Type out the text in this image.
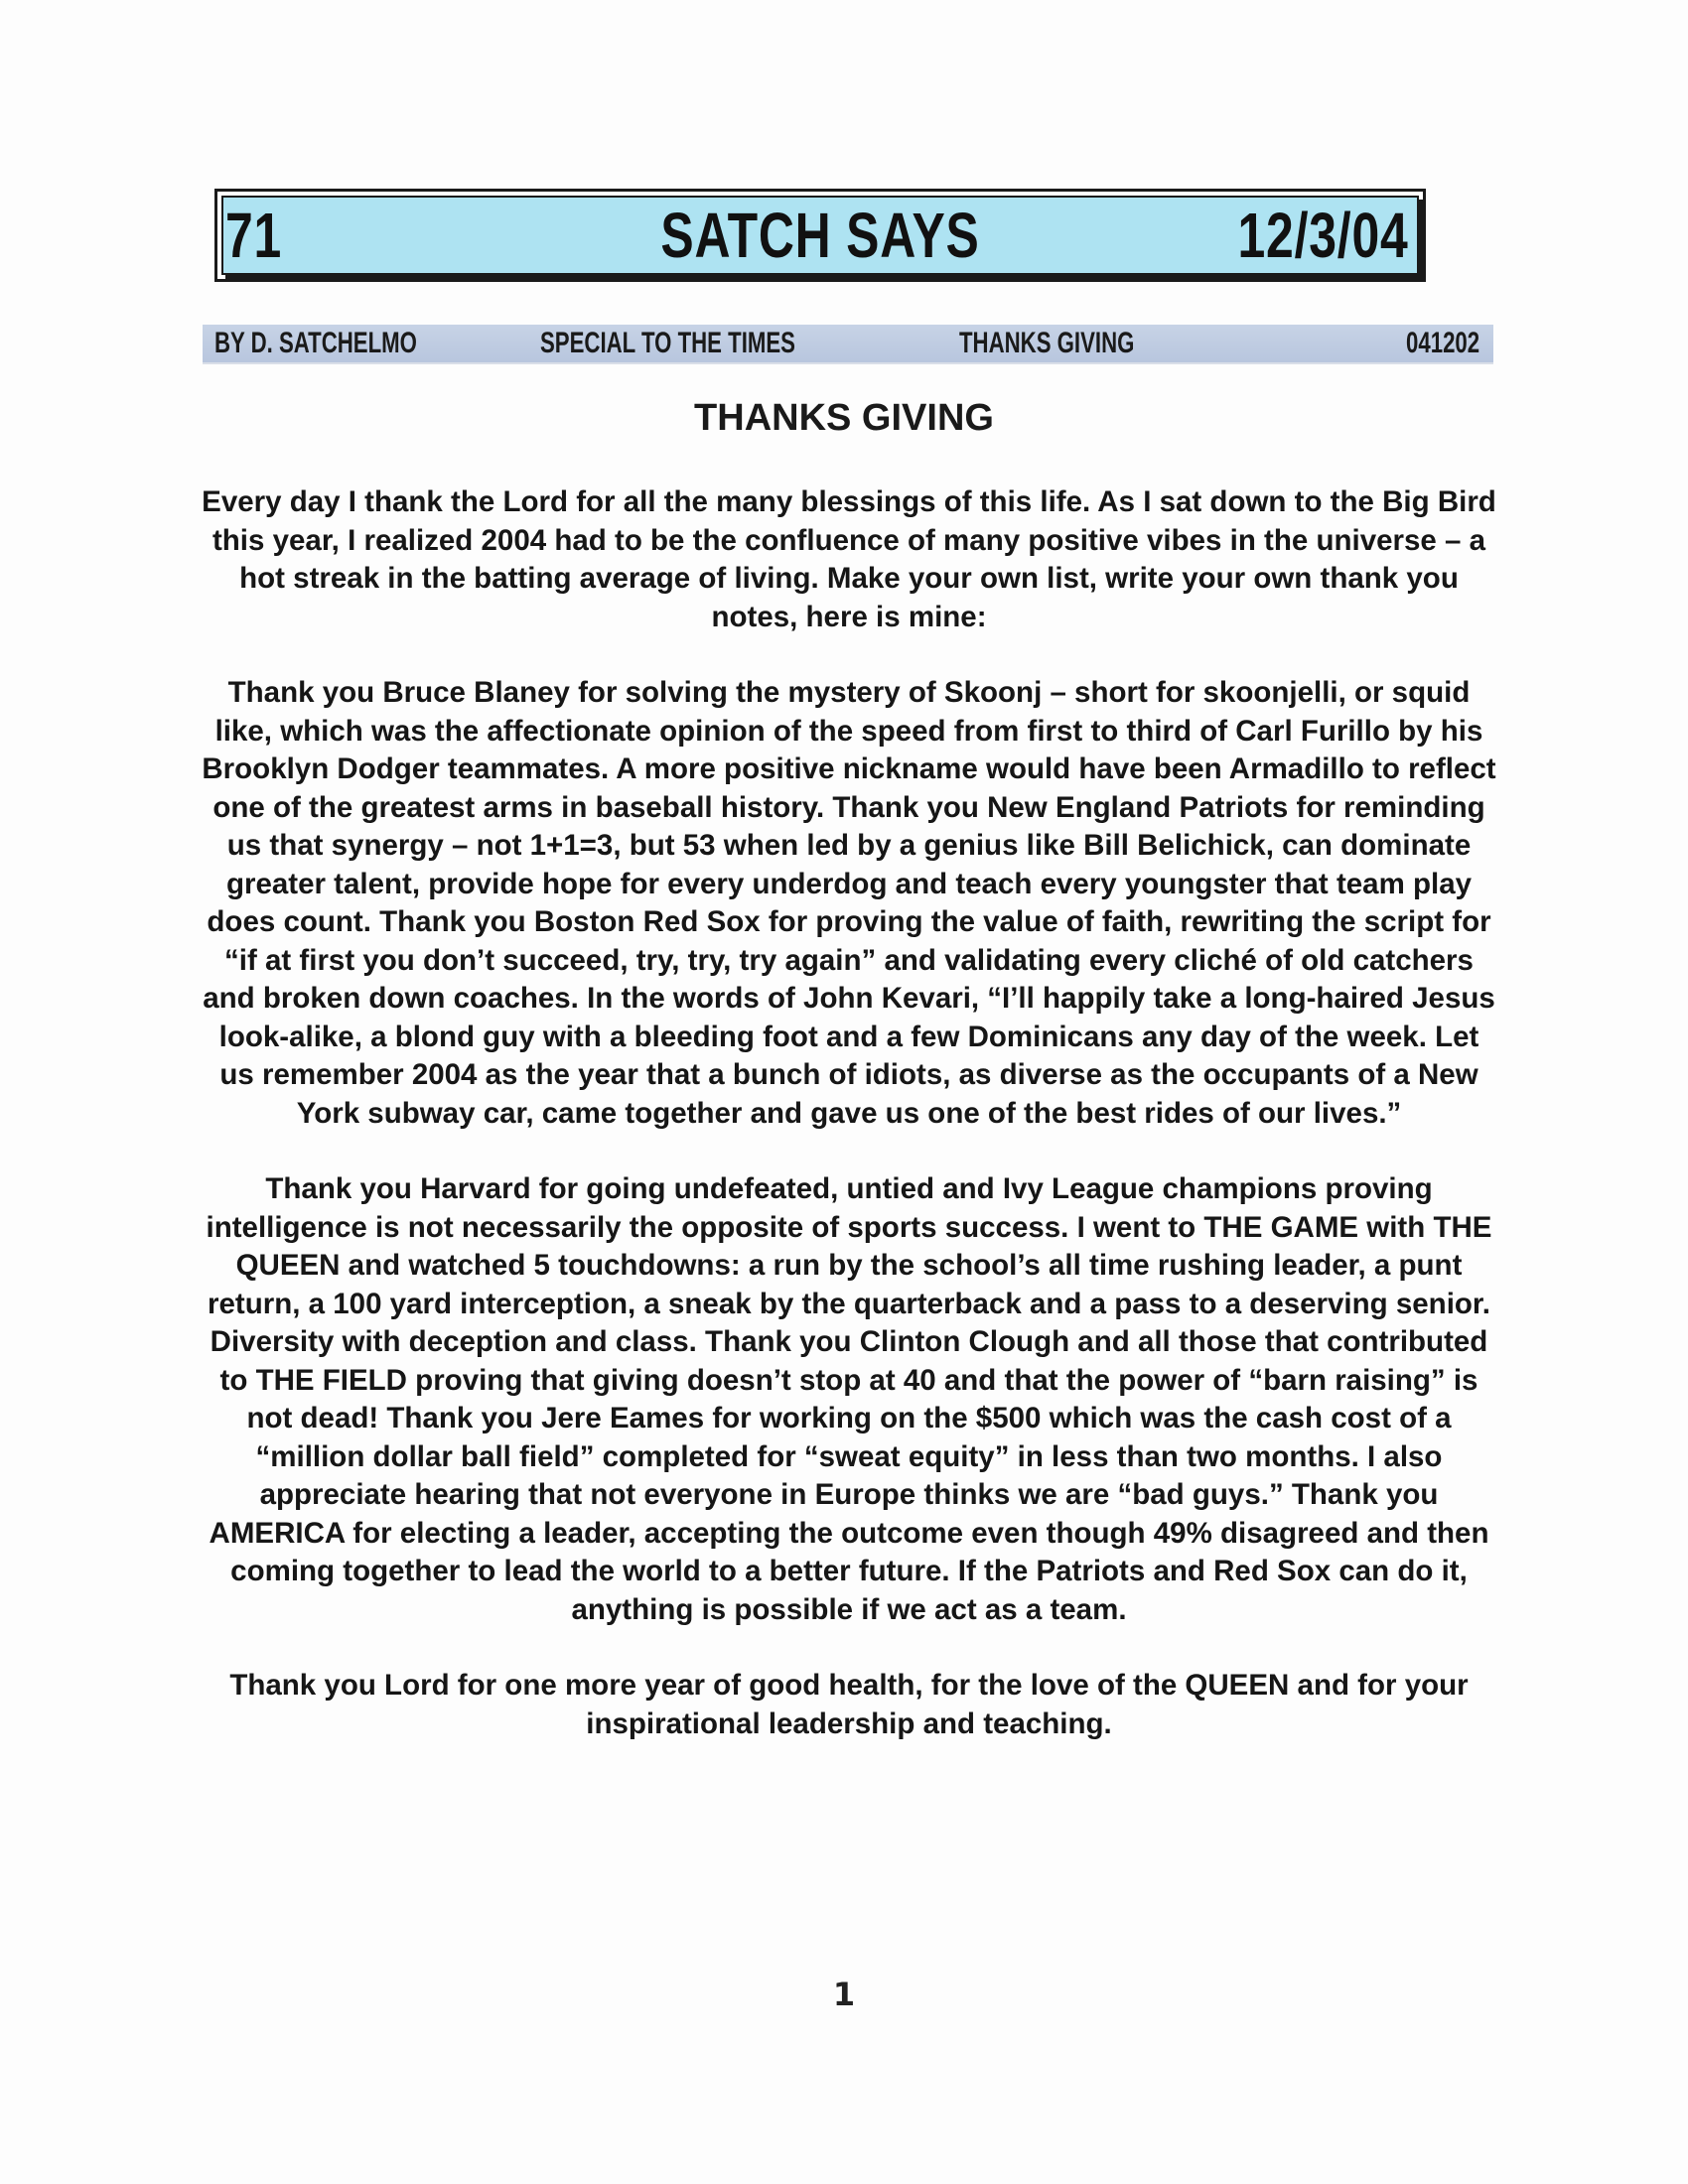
71	SATCH SAYS	12/3/04
BY D. SATCHELMO	SPECIAL TO THE TIMES	THANKS GIVING	041202
THANKS GIVING

Every day I thank the Lord for all the many blessings of this life. As I sat down to the Big Bird this year, I realized 2004 had to be the confluence of many positive vibes in the universe – a hot streak in the batting average of living. Make your own list, write your own thank you notes, here is mine:

Thank you Bruce Blaney for solving the mystery of Skoonj – short for skoonjelli, or squid like, which was the affectionate opinion of the speed from first to third of Carl Furillo by his Brooklyn Dodger teammates. A more positive nickname would have been Armadillo to reflect one of the greatest arms in baseball history. Thank you New England Patriots for reminding us that synergy – not 1+1=3, but 53 when led by a genius like Bill Belichick, can dominate greater talent, provide hope for every underdog and teach every youngster that team play does count. Thank you Boston Red Sox for proving the value of faith, rewriting the script for “if at first you don’t succeed, try, try, try again” and validating every cliché of old catchers and broken down coaches. In the words of John Kevari, “I’ll happily take a long-haired Jesus look-alike, a blond guy with a bleeding foot and a few Dominicans any day of the week. Let us remember 2004 as the year that a bunch of idiots, as diverse as the occupants of a New York subway car, came together and gave us one of the best rides of our lives.”

Thank you Harvard for going undefeated, untied and Ivy League champions proving intelligence is not necessarily the opposite of sports success. I went to THE GAME with THE QUEEN and watched 5 touchdowns: a run by the school’s all time rushing leader, a punt return, a 100 yard interception, a sneak by the quarterback and a pass to a deserving senior. Diversity with deception and class. Thank you Clinton Clough and all those that contributed to THE FIELD proving that giving doesn’t stop at 40 and that the power of “barn raising” is not dead! Thank you Jere Eames for working on the $500 which was the cash cost of a “million dollar ball field” completed for “sweat equity” in less than two months. I also appreciate hearing that not everyone in Europe thinks we are “bad guys.” Thank you AMERICA for electing a leader, accepting the outcome even though 49% disagreed and then coming together to lead the world to a better future. If the Patriots and Red Sox can do it, anything is possible if we act as a team.

Thank you Lord for one more year of good health, for the love of the QUEEN and for your inspirational leadership and teaching.

1
